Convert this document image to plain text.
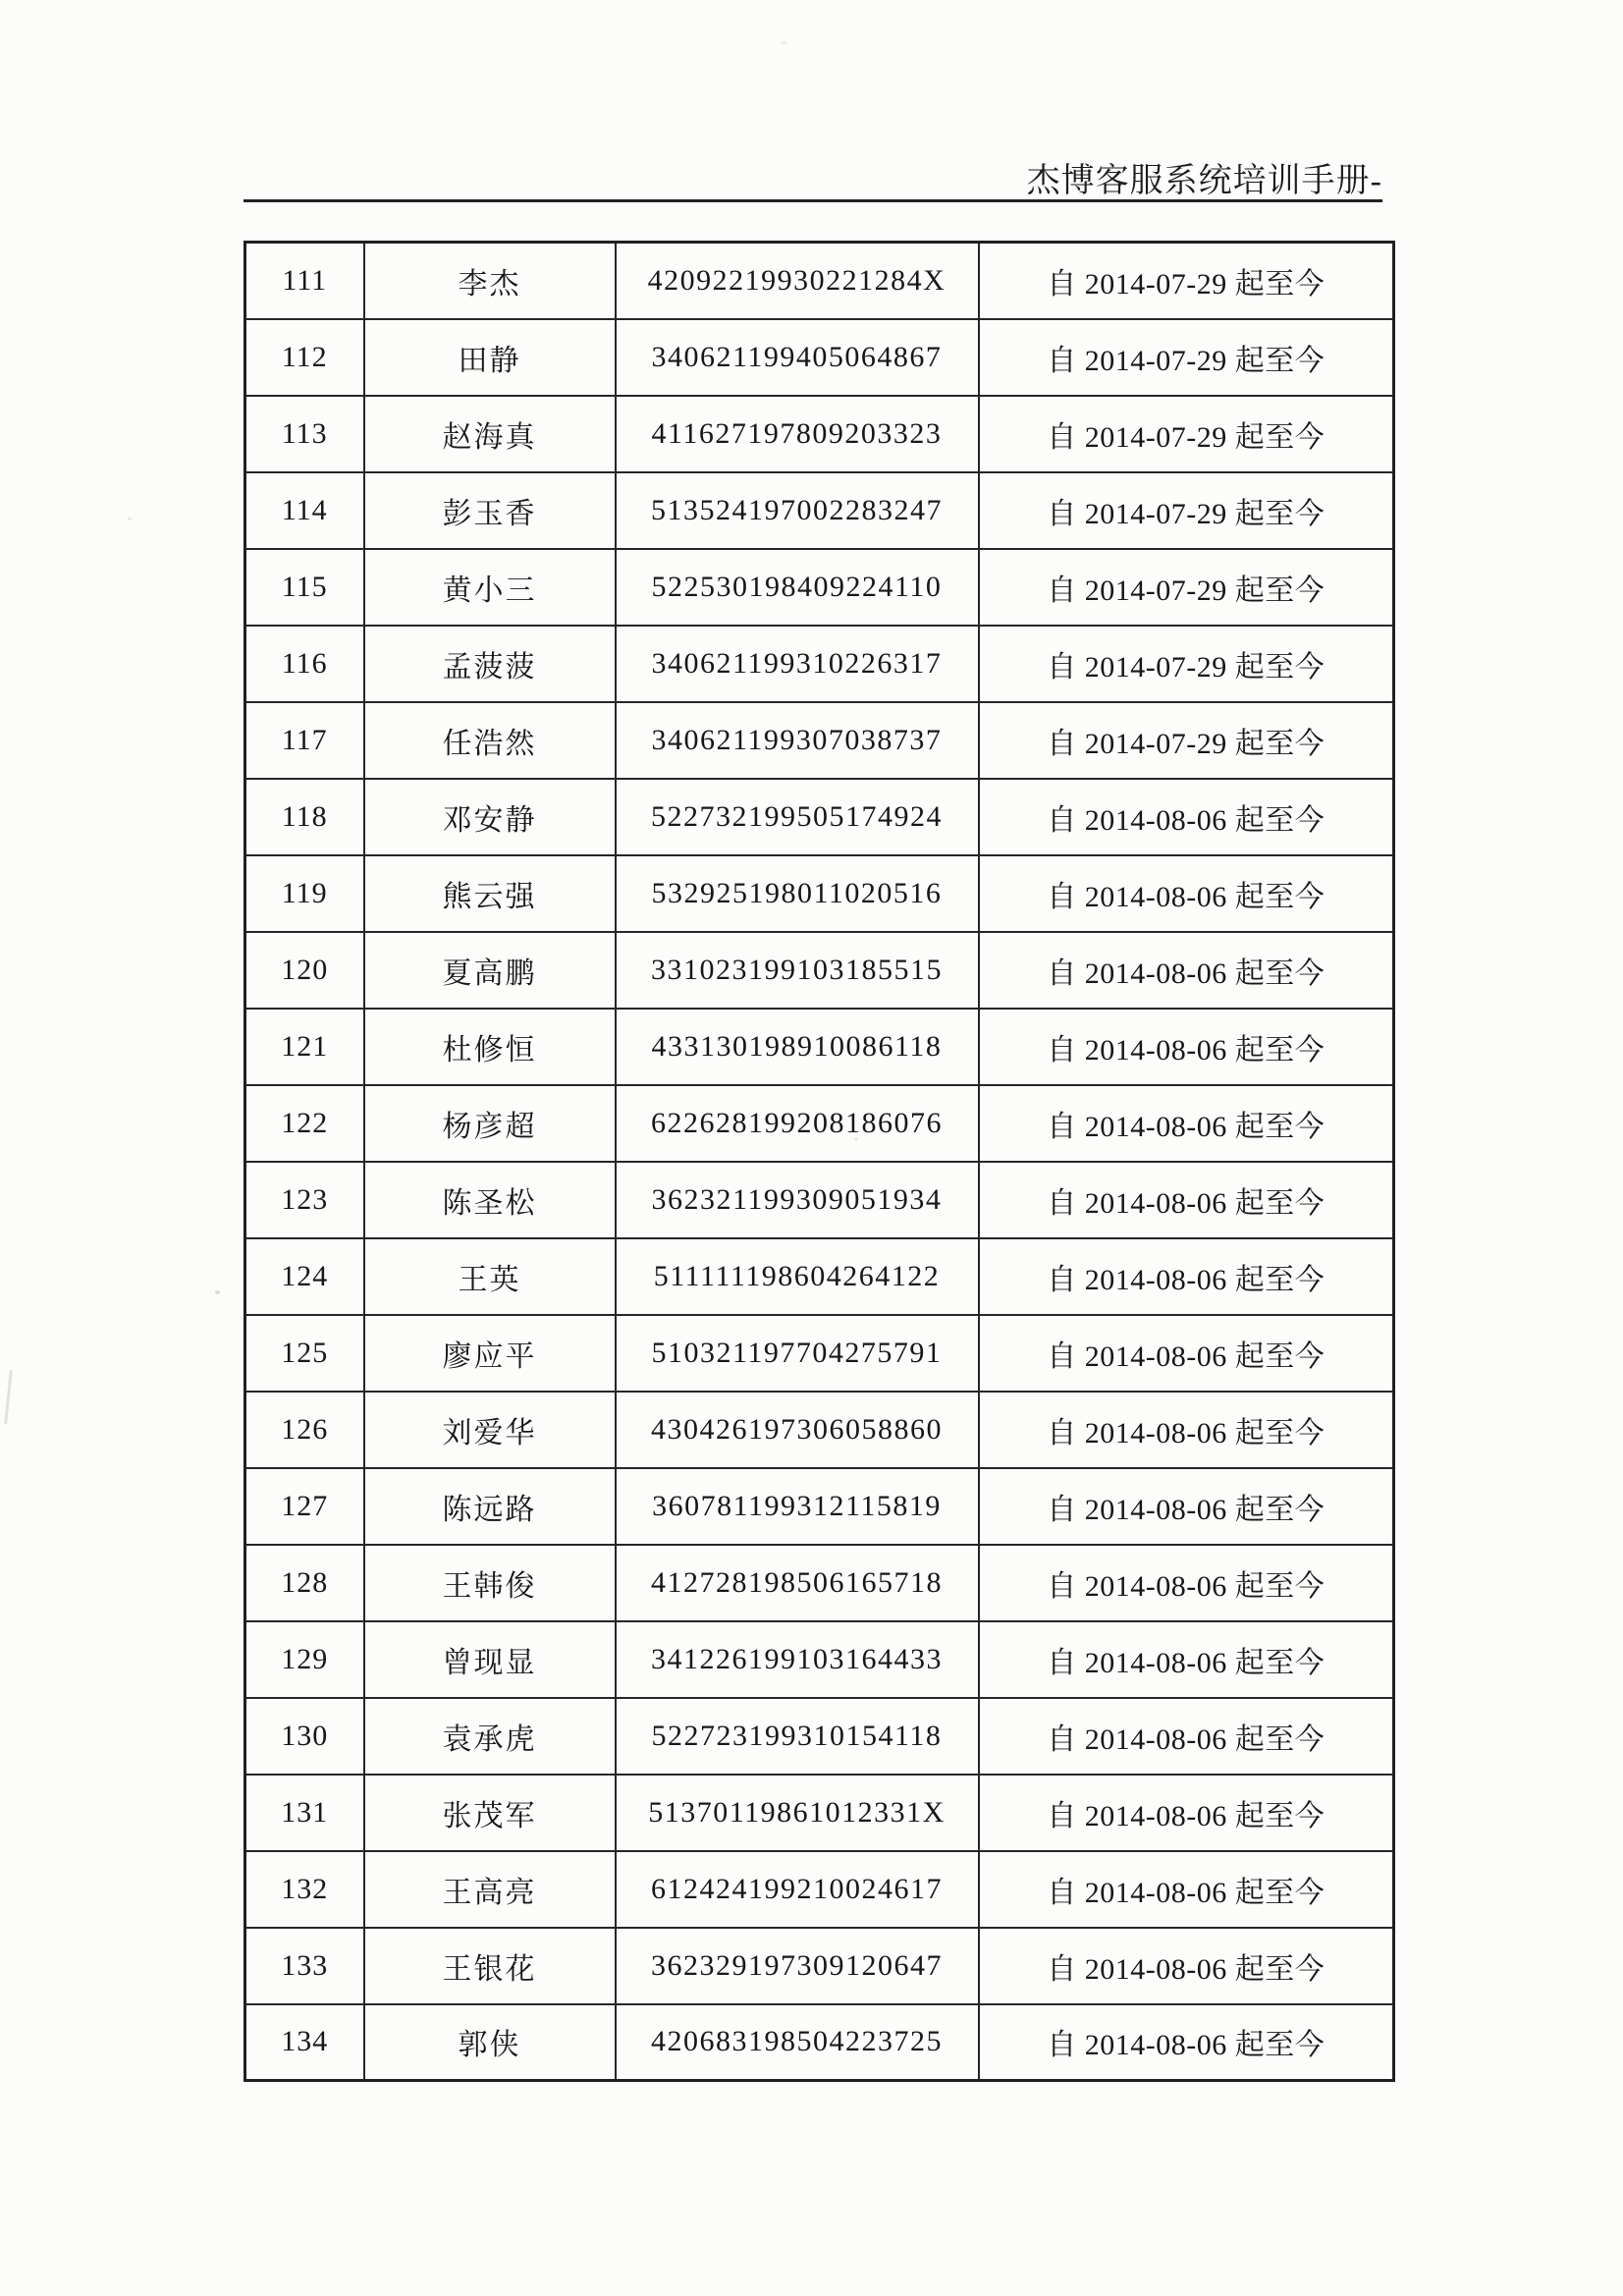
杰博客服系统培训手册-
111	李杰	42092219930221284X	自 2014-07-29 起至今
112	田静	340621199405064867	自 2014-07-29 起至今
113	赵海真	411627197809203323	自 2014-07-29 起至今
114	彭玉香	513524197002283247	自 2014-07-29 起至今
115	黄小三	522530198409224110	自 2014-07-29 起至今
116	孟菠菠	340621199310226317	自 2014-07-29 起至今
117	任浩然	340621199307038737	自 2014-07-29 起至今
118	邓安静	522732199505174924	自 2014-08-06 起至今
119	熊云强	532925198011020516	自 2014-08-06 起至今
120	夏高鹏	331023199103185515	自 2014-08-06 起至今
121	杜修恒	433130198910086118	自 2014-08-06 起至今
122	杨彦超	622628199208186076	自 2014-08-06 起至今
123	陈圣松	362321199309051934	自 2014-08-06 起至今
124	王英	511111198604264122	自 2014-08-06 起至今
125	廖应平	510321197704275791	自 2014-08-06 起至今
126	刘爱华	430426197306058860	自 2014-08-06 起至今
127	陈远路	360781199312115819	自 2014-08-06 起至今
128	王韩俊	412728198506165718	自 2014-08-06 起至今
129	曾现显	341226199103164433	自 2014-08-06 起至今
130	袁承虎	522723199310154118	自 2014-08-06 起至今
131	张茂军	51370119861012331X	自 2014-08-06 起至今
132	王高亮	612424199210024617	自 2014-08-06 起至今
133	王银花	362329197309120647	自 2014-08-06 起至今
134	郭侠	420683198504223725	自 2014-08-06 起至今
